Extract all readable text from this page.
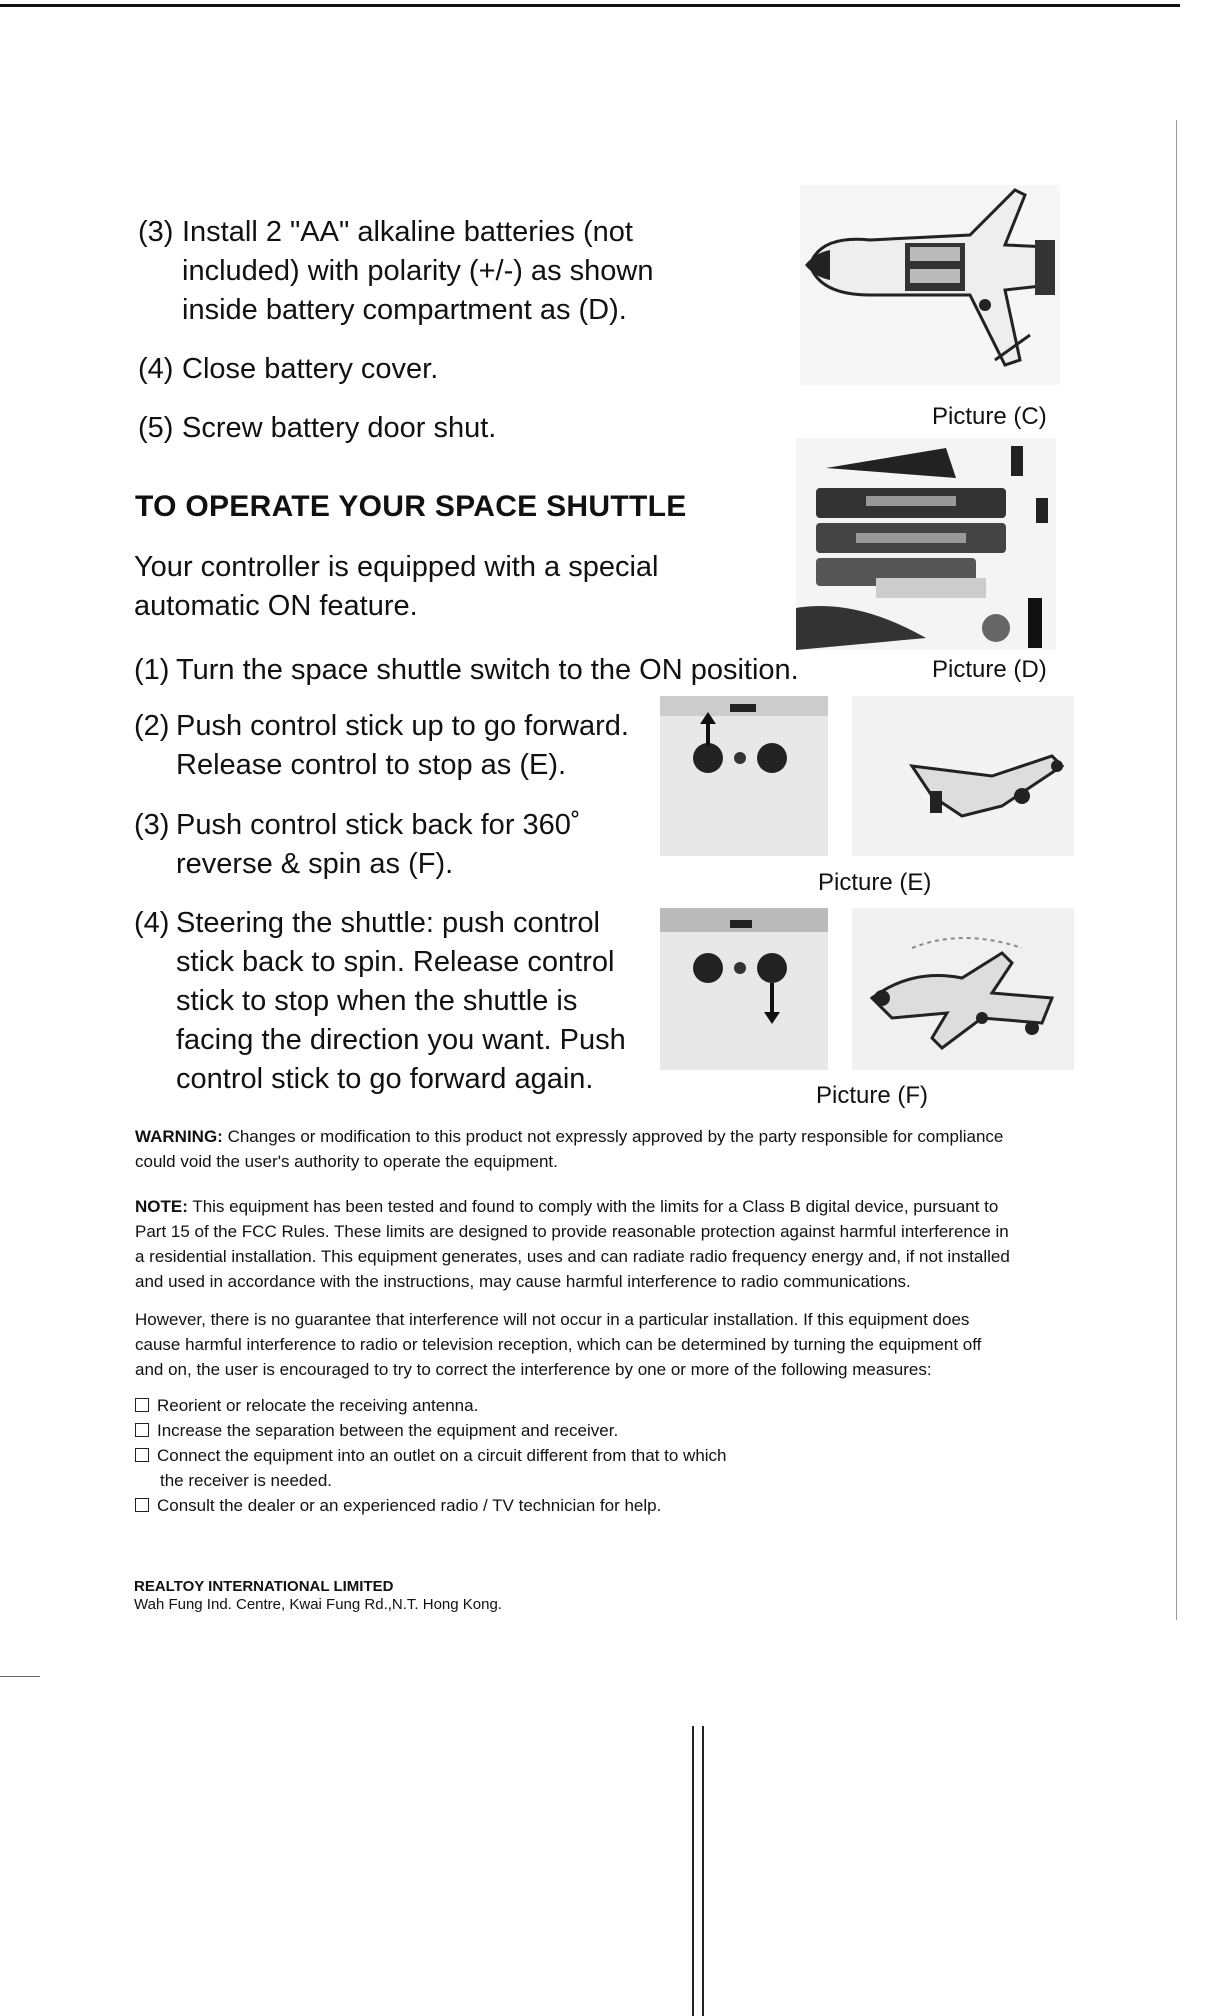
(3) Install 2 "AA" alkaline batteries (not
included) with polarity (+/-) as shown
inside battery compartment as (D).
(4) Close battery cover.
(5) Screw battery door shut.
TO OPERATE YOUR SPACE SHUTTLE
Your controller is equipped with a special
automatic ON feature.
(1) Turn the space shuttle switch to the ON position.
(2) Push control stick up to go forward.
Release control to stop as (E).
(3) Push control stick back for 360˚
reverse & spin as (F).
(4) Steering the shuttle: push control
stick back to spin. Release control
stick to stop when the shuttle is
facing the direction you want. Push
control stick to go forward again.
Picture (C)
Picture (D)
Picture (E)
Picture (F)
WARNING: Changes or modification to this product not expressly approved by the party responsible for compliance
could void the user's authority to operate the equipment.
NOTE: This equipment has been tested and found to comply with the limits for a Class B digital device, pursuant to
Part 15 of the FCC Rules. These limits are designed to provide reasonable protection against harmful interference in
a residential installation. This equipment generates, uses and can radiate radio frequency energy and, if not installed
and used in accordance with the instructions, may cause harmful interference to radio communications.
However, there is no guarantee that interference will not occur in a particular installation. If this equipment does
cause harmful interference to radio or television reception, which can be determined by turning the equipment off
and on, the user is encouraged to try to correct the interference by one or more of the following measures:
Reorient or relocate the receiving antenna.
Increase the separation between the equipment and receiver.
Connect the equipment into an outlet on a circuit different from that to which
the receiver is needed.
Consult the dealer or an experienced radio / TV technician for help.
REALTOY INTERNATIONAL LIMITED
Wah Fung Ind. Centre, Kwai Fung Rd.,N.T. Hong Kong.
